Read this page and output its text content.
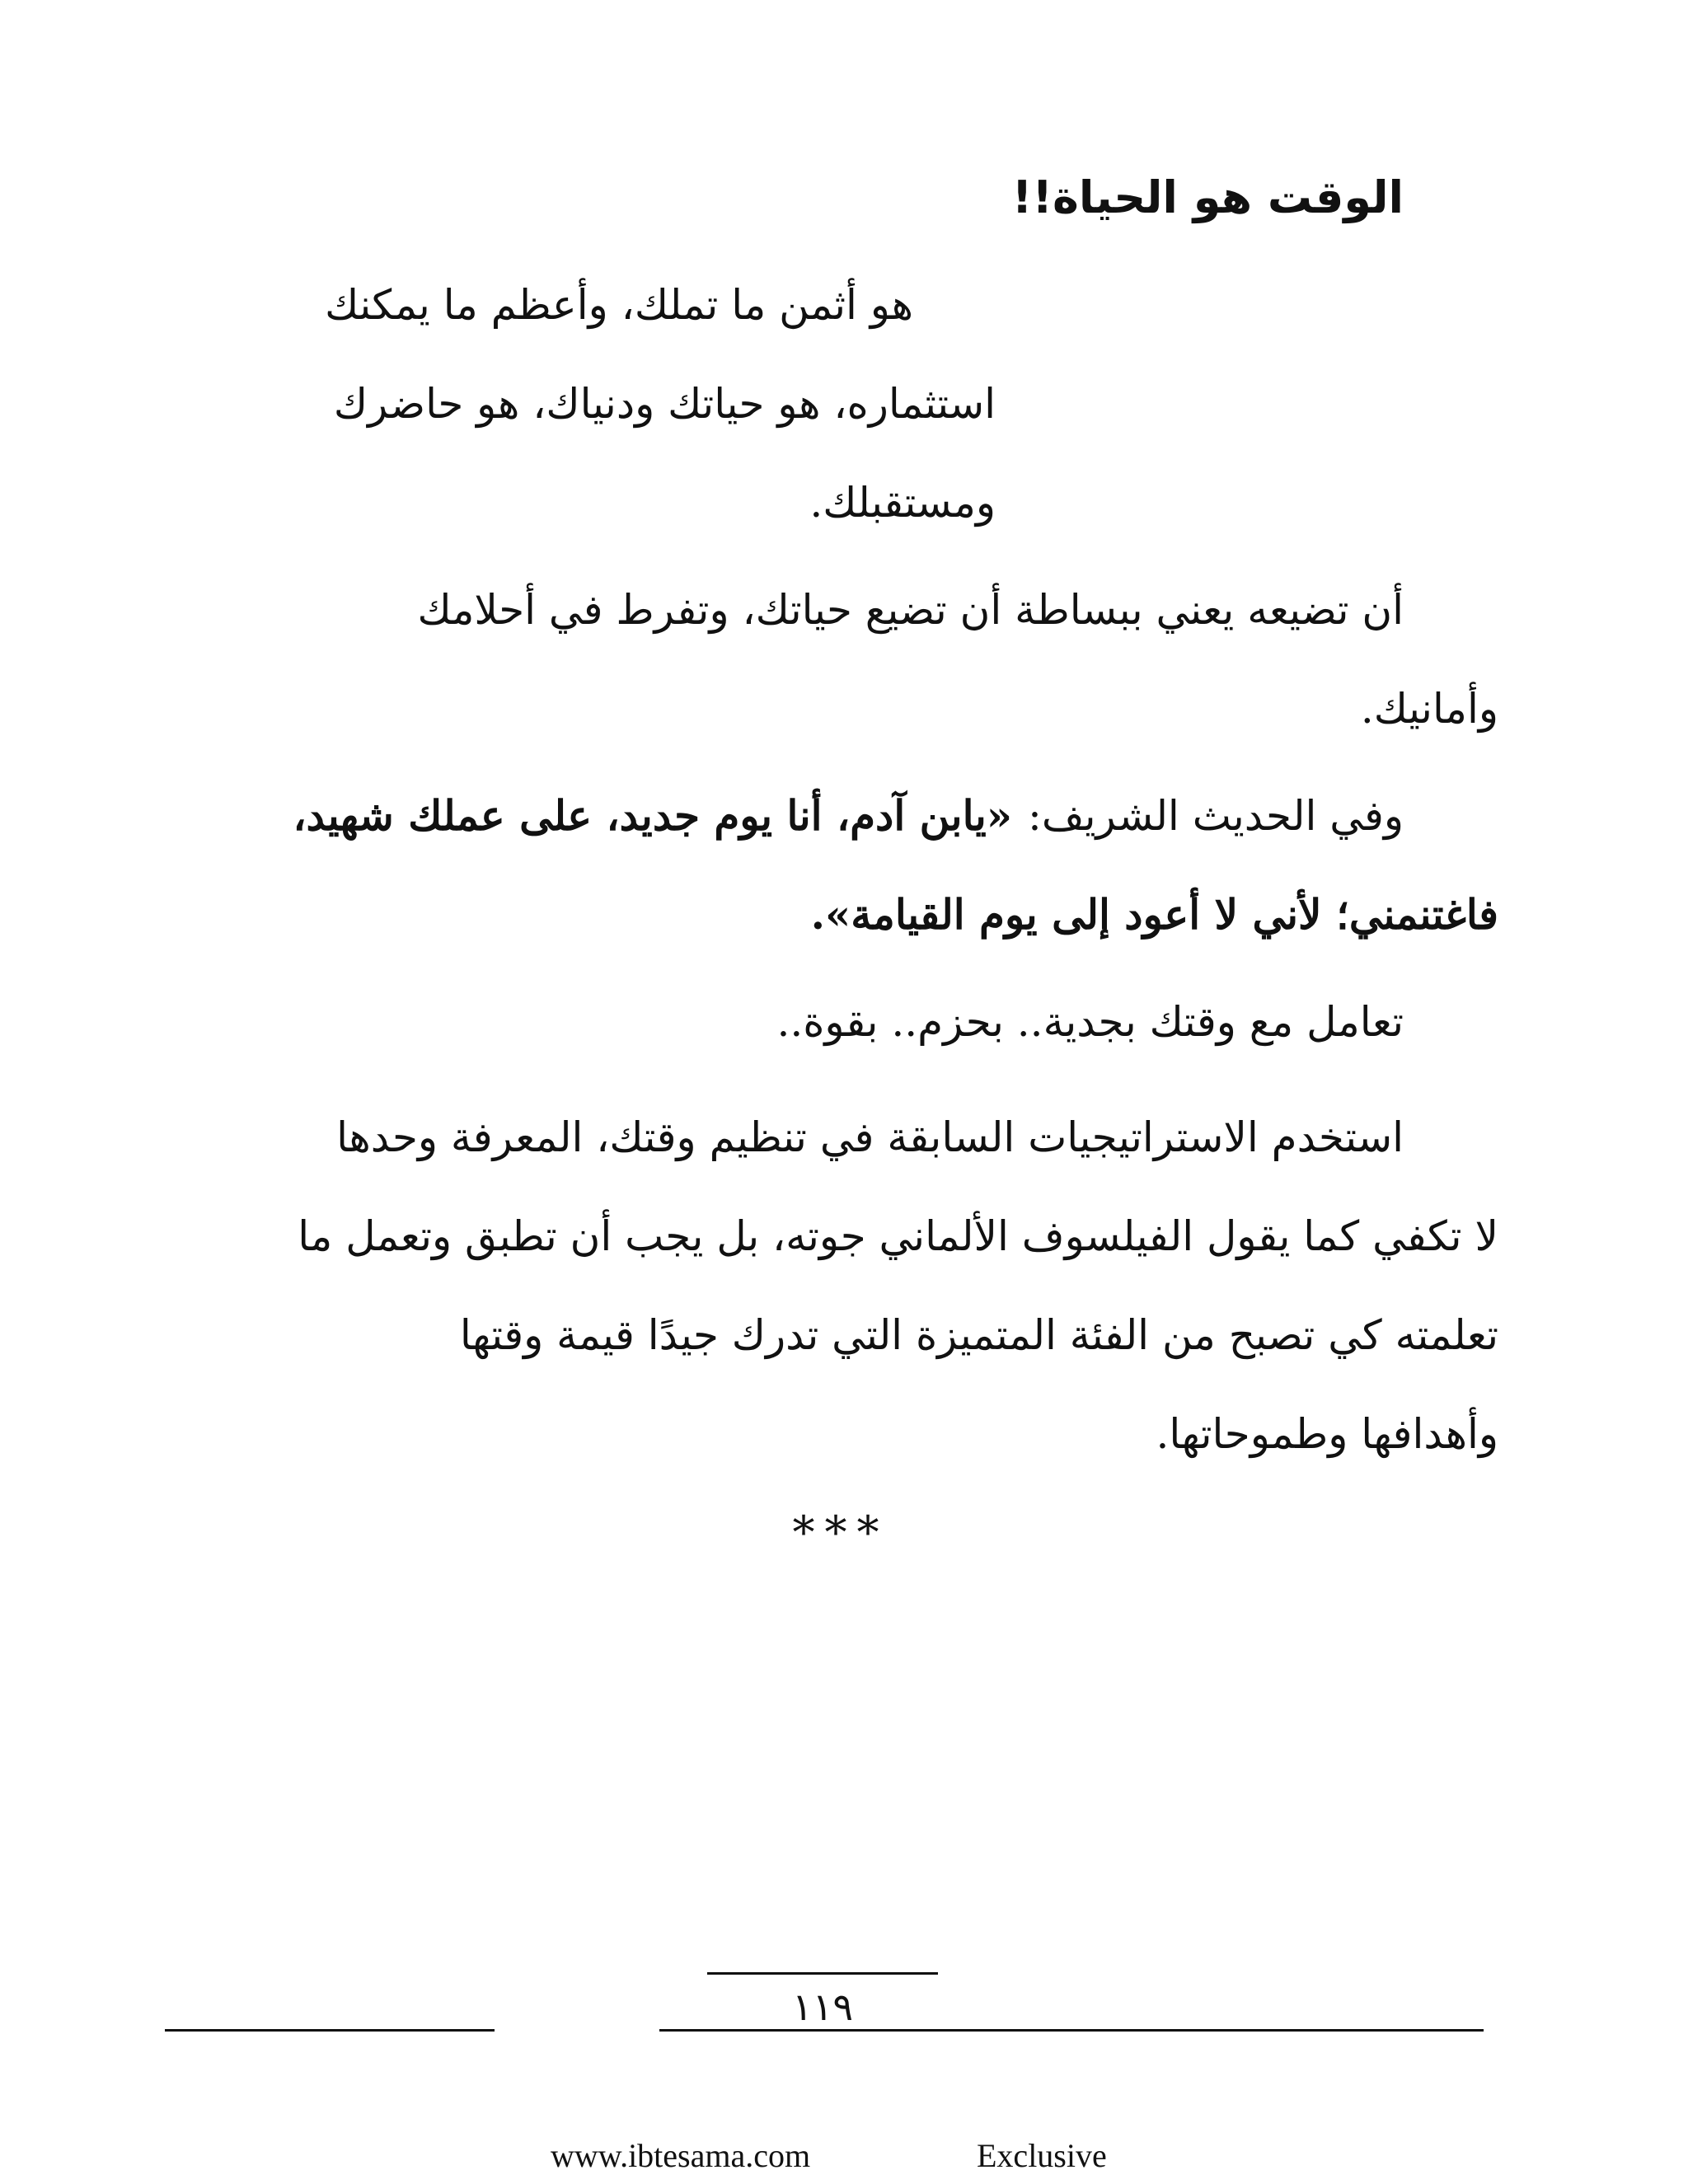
الوقت هو الحياة!!
هو أثمن ما تملك، وأعظم ما يمكنك
استثماره، هو حياتك ودنياك، هو حاضرك
ومستقبلك.
أن تضيعه يعني ببساطة أن تضيع حياتك، وتفرط في أحلامك
وأمانيك.
وفي الحديث الشريف:
«يابن آدم، أنا يوم جديد، على عملك شهيد،
فاغتنمني؛ لأني لا أعود إلى يوم القيامة».
تعامل مع وقتك بجدية.. بحزم.. بقوة..
استخدم الاستراتيجيات السابقة في تنظيم وقتك، المعرفة وحدها
لا تكفي كما يقول الفيلسوف الألماني جوته، بل يجب أن تطبق وتعمل ما
تعلمته كي تصبح من الفئة المتميزة التي تدرك جيدًا قيمة وقتها
وأهدافها وطموحاتها.
***
١١٩
www.ibtesama.com	Exclusive
